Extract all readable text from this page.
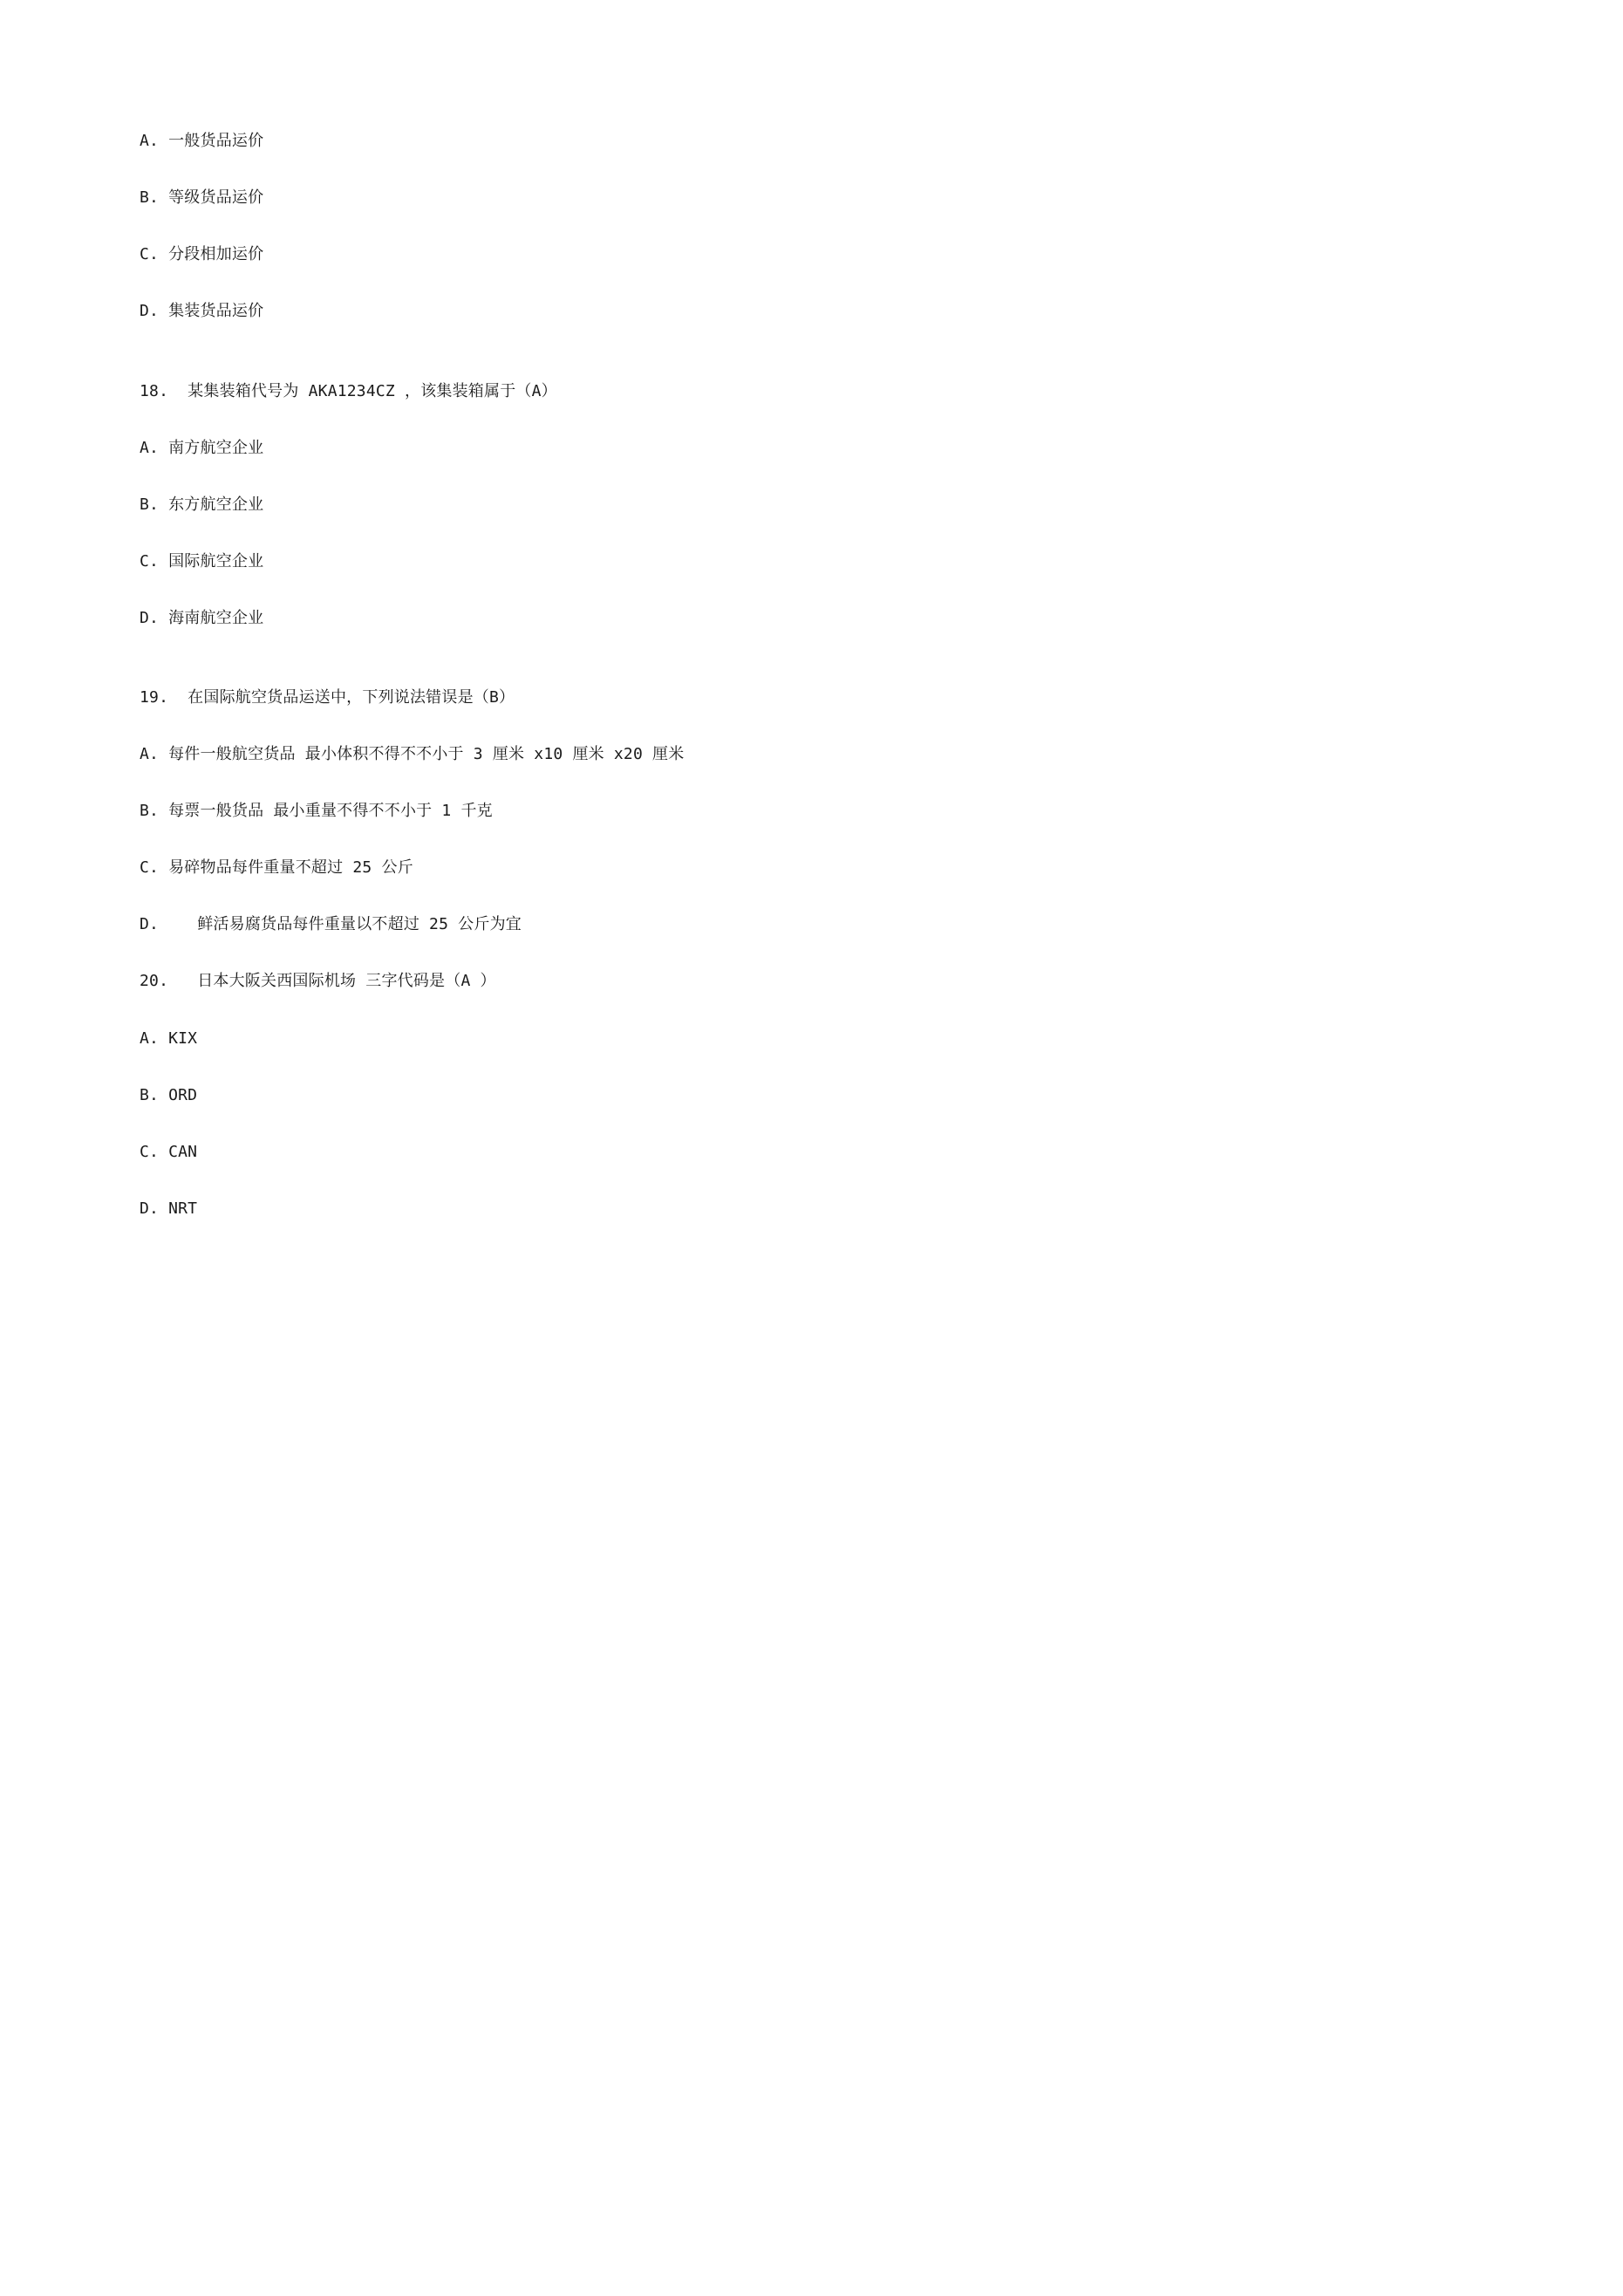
A. 一般货品运价
B. 等级货品运价
C. 分段相加运价
D. 集装货品运价
18.  某集装箱代号为 AKA1234CZ ，该集装箱属于（A）
A. 南方航空企业
B. 东方航空企业
C. 国际航空企业
D. 海南航空企业
19.  在国际航空货品运送中，下列说法错误是（B）
A. 每件一般航空货品 最小体积不得不不小于 3 厘米 x10 厘米 x20 厘米
B. 每票一般货品 最小重量不得不不小于 1 千克
C. 易碎物品每件重量不超过 25 公斤
D.    鲜活易腐货品每件重量以不超过 25 公斤为宜
20.   日本大阪关西国际机场 三字代码是（A ）
A. KIX
B. ORD
C. CAN
D. NRT
